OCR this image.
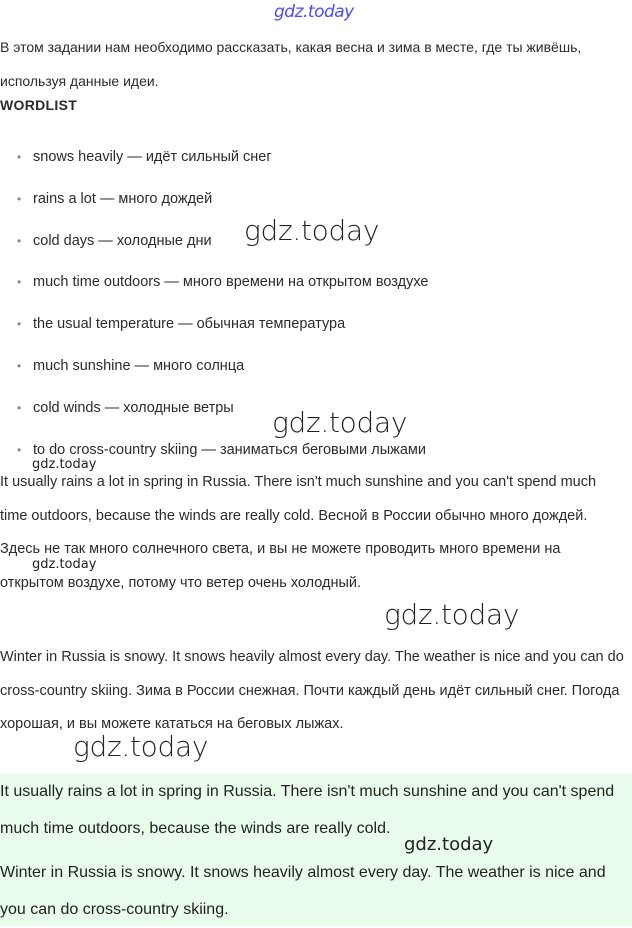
gdz.today
В этом задании нам необходимо рассказать, какая весна и зима в месте, где ты живёшь, используя данные идеи.
WORDLIST
• snows heavily — идёт сильный снег
• rains a lot — много дождей
• cold days — холодные дни
• much time outdoors — много времени на открытом воздухе
• the usual temperature — обычная температура
• much sunshine — много солнца
• cold winds — холодные ветры
• to do cross-country skiing — заниматься беговыми лыжами
It usually rains a lot in spring in Russia. There isn't much sunshine and you can't spend much time outdoors, because the winds are really cold. Весной в России обычно много дождей. Здесь не так много солнечного света, и вы не можете проводить много времени на открытом воздухе, потому что ветер очень холодный.
Winter in Russia is snowy. It snows heavily almost every day. The weather is nice and you can do cross-country skiing. Зима в России снежная. Почти каждый день идёт сильный снег. Погода хорошая, и вы можете кататься на беговых лыжах.
It usually rains a lot in spring in Russia. There isn't much sunshine and you can't spend much time outdoors, because the winds are really cold.
Winter in Russia is snowy. It snows heavily almost every day. The weather is nice and you can do cross-country skiing.
gdz.today
gdz.today
gdz.today
gdz.today
gdz.today
gdz.today
gdz.today
